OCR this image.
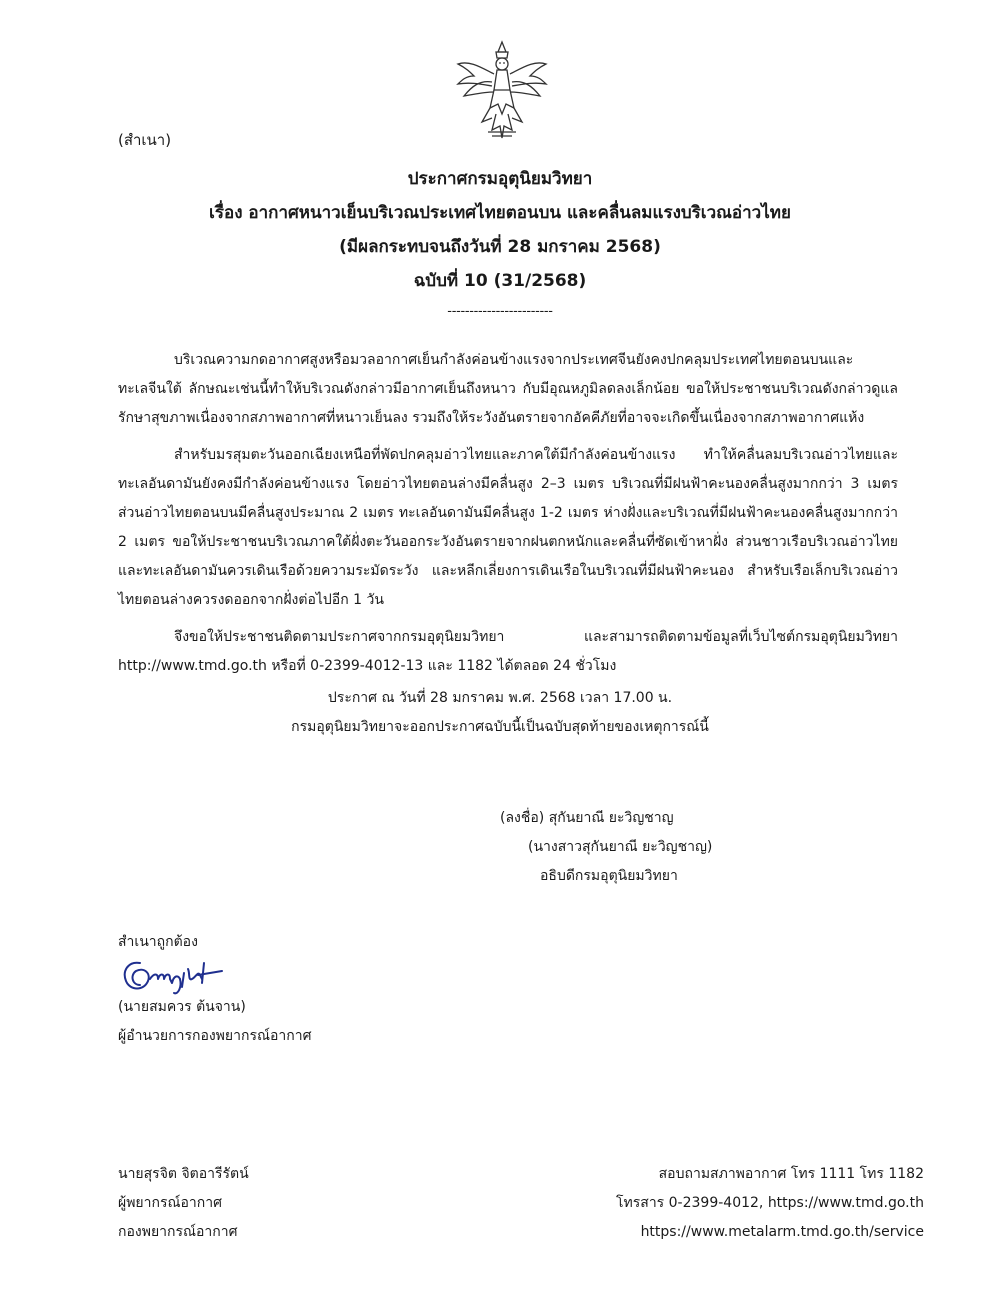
(สำเนา)
ประกาศกรมอุตุนิยมวิทยา
เรื่อง อากาศหนาวเย็นบริเวณประเทศไทยตอนบน และคลื่นลมแรงบริเวณอ่าวไทย
(มีผลกระทบจนถึงวันที่ 28 มกราคม 2568)
ฉบับที่ 10 (31/2568)
------------------------

บริเวณความกดอากาศสูงหรือมวลอากาศเย็นกำลังค่อนข้างแรงจากประเทศจีนยังคงปกคลุมประเทศไทยตอนบนและทะเลจีนใต้ ลักษณะเช่นนี้ทำให้บริเวณดังกล่าวมีอากาศเย็นถึงหนาว กับมีอุณหภูมิลดลงเล็กน้อย ขอให้ประชาชนบริเวณดังกล่าวดูแลรักษาสุขภาพเนื่องจากสภาพอากาศที่หนาวเย็นลง รวมถึงให้ระวังอันตรายจากอัคคีภัยที่อาจจะเกิดขึ้นเนื่องจากสภาพอากาศแห้ง

สำหรับมรสุมตะวันออกเฉียงเหนือที่พัดปกคลุมอ่าวไทยและภาคใต้มีกำลังค่อนข้างแรง ทำให้คลื่นลมบริเวณอ่าวไทยและทะเลอันดามันยังคงมีกำลังค่อนข้างแรง โดยอ่าวไทยตอนล่างมีคลื่นสูง 2–3 เมตร บริเวณที่มีฝนฟ้าคะนองคลื่นสูงมากกว่า 3 เมตร ส่วนอ่าวไทยตอนบนมีคลื่นสูงประมาณ 2 เมตร ทะเลอันดามันมีคลื่นสูง 1-2 เมตร ห่างฝั่งและบริเวณที่มีฝนฟ้าคะนองคลื่นสูงมากกว่า 2 เมตร ขอให้ประชาชนบริเวณภาคใต้ฝั่งตะวันออกระวังอันตรายจากฝนตกหนักและคลื่นที่ซัดเข้าหาฝั่ง ส่วนชาวเรือบริเวณอ่าวไทยและทะเลอันดามันควรเดินเรือด้วยความระมัดระวัง และหลีกเลี่ยงการเดินเรือในบริเวณที่มีฝนฟ้าคะนอง สำหรับเรือเล็กบริเวณอ่าวไทยตอนล่างควรงดออกจากฝั่งต่อไปอีก 1 วัน

จึงขอให้ประชาชนติดตามประกาศจากกรมอุตุนิยมวิทยา และสามารถติดตามข้อมูลที่เว็บไซต์กรมอุตุนิยมวิทยา http://www.tmd.go.th หรือที่ 0-2399-4012-13 และ 1182 ได้ตลอด 24 ชั่วโมง

ประกาศ ณ วันที่ 28 มกราคม พ.ศ. 2568 เวลา 17.00 น.
กรมอุตุนิยมวิทยาจะออกประกาศฉบับนี้เป็นฉบับสุดท้ายของเหตุการณ์นี้
(ลงชื่อ) สุกันยาณี ยะวิญชาญ
(นางสาวสุกันยาณี ยะวิญชาญ)
อธิบดีกรมอุตุนิยมวิทยา
สำเนาถูกต้อง
(นายสมควร ต้นจาน)
ผู้อำนวยการกองพยากรณ์อากาศ
นายสุรจิต จิตอารีรัตน์
ผู้พยากรณ์อากาศ
กองพยากรณ์อากาศ
สอบถามสภาพอากาศ โทร 1111 โทร 1182
โทรสาร 0-2399-4012, https://www.tmd.go.th
https://www.metalarm.tmd.go.th/service
